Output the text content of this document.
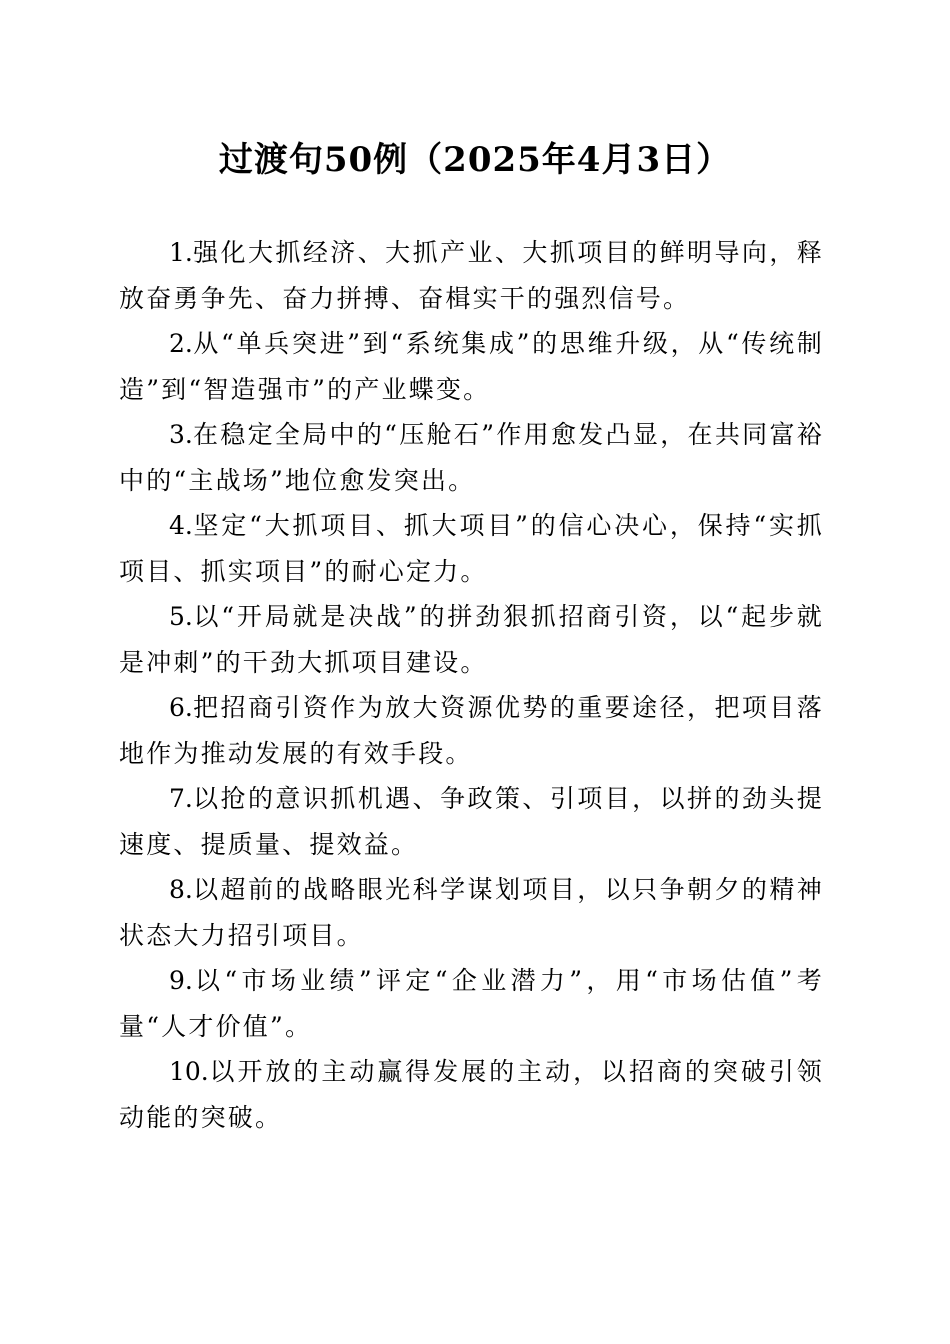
过渡句50例（2025年4月3日）

1.强化大抓经济、大抓产业、大抓项目的鲜明导向，释放奋勇争先、奋力拼搏、奋楫实干的强烈信号。

2.从“单兵突进”到“系统集成”的思维升级，从“传统制造”到“智造强市”的产业蝶变。

3.在稳定全局中的“压舱石”作用愈发凸显，在共同富裕中的“主战场”地位愈发突出。

4.坚定“大抓项目、抓大项目”的信心决心，保持“实抓项目、抓实项目”的耐心定力。

5.以“开局就是决战”的拼劲狠抓招商引资，以“起步就是冲刺”的干劲大抓项目建设。

6.把招商引资作为放大资源优势的重要途径，把项目落地作为推动发展的有效手段。

7.以抢的意识抓机遇、争政策、引项目，以拼的劲头提速度、提质量、提效益。

8.以超前的战略眼光科学谋划项目，以只争朝夕的精神状态大力招引项目。

9.以“市场业绩”评定“企业潜力”，用“市场估值”考量“人才价值”。

10.以开放的主动赢得发展的主动，以招商的突破引领动能的突破。
